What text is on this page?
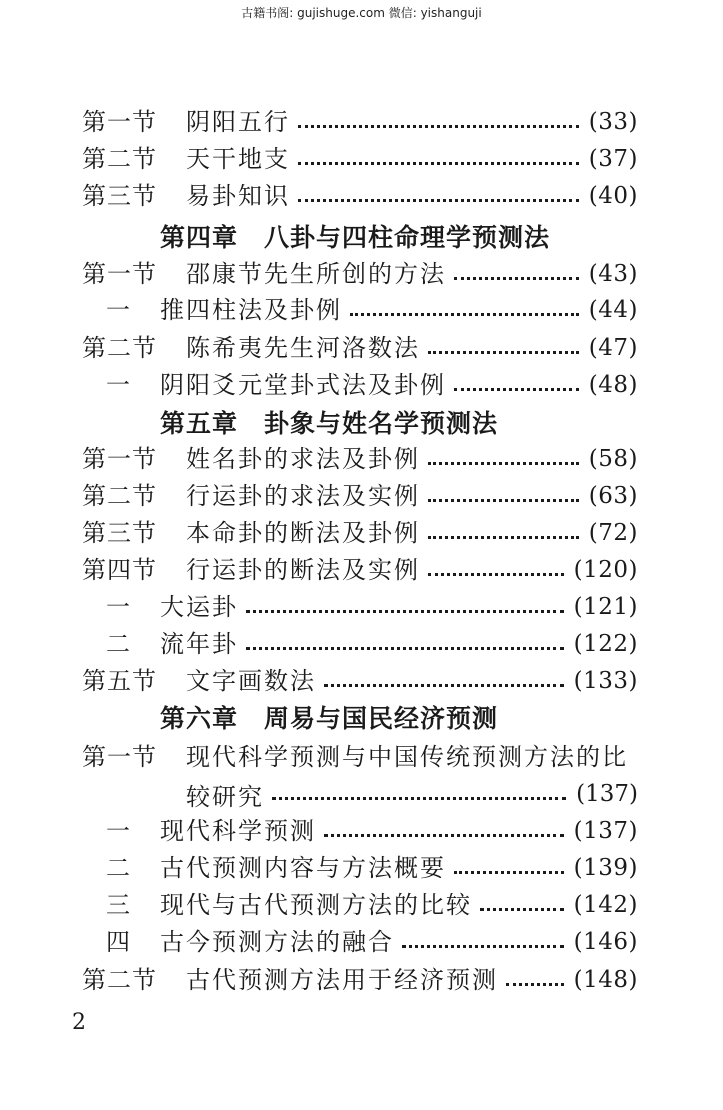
古籍书阁: gujishuge.com 微信: yishanguji
第一节	阴阳五行	(33)
第二节	天干地支	(37)
第三节	易卦知识	(40)
第四章 八卦与四柱命理学预测法
第一节	邵康节先生所创的方法	(43)
一	推四柱法及卦例	(44)
第二节	陈希夷先生河洛数法	(47)
一	阴阳爻元堂卦式法及卦例	(48)
第五章 卦象与姓名学预测法
第一节	姓名卦的求法及卦例	(58)
第二节	行运卦的求法及实例	(63)
第三节	本命卦的断法及卦例	(72)
第四节	行运卦的断法及实例	(120)
一	大运卦	(121)
二	流年卦	(122)
第五节	文字画数法	(133)
第六章 周易与国民经济预测
第一节	现代科学预测与中国传统预测方法的比
较研究	(137)
一	现代科学预测	(137)
二	古代预测内容与方法概要	(139)
三	现代与古代预测方法的比较	(142)
四	古今预测方法的融合	(146)
第二节	古代预测方法用于经济预测	(148)
2
